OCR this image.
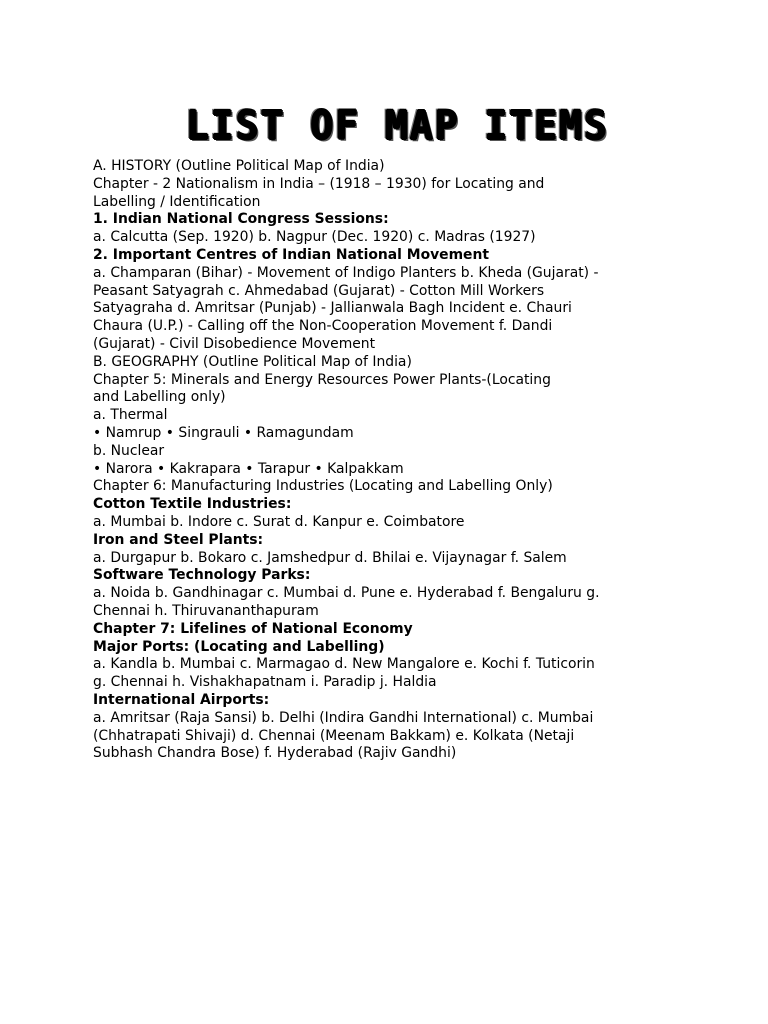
LIST OF MAP ITEMS
A. HISTORY (Outline Political Map of India)
Chapter - 2 Nationalism in India – (1918 – 1930) for Locating and
Labelling / Identification
1. Indian National Congress Sessions:
a. Calcutta (Sep. 1920) b. Nagpur (Dec. 1920) c. Madras (1927)
2. Important Centres of Indian National Movement
a. Champaran (Bihar) - Movement of Indigo Planters b. Kheda (Gujarat) -
Peasant Satyagrah c. Ahmedabad (Gujarat) - Cotton Mill Workers
Satyagraha d. Amritsar (Punjab) - Jallianwala Bagh Incident e. Chauri
Chaura (U.P.) - Calling off the Non-Cooperation Movement f. Dandi
(Gujarat) - Civil Disobedience Movement
B. GEOGRAPHY (Outline Political Map of India)
Chapter 5: Minerals and Energy Resources Power Plants-(Locating
and Labelling only)
a. Thermal
• Namrup • Singrauli • Ramagundam
b. Nuclear
• Narora • Kakrapara • Tarapur • Kalpakkam
Chapter 6: Manufacturing Industries (Locating and Labelling Only)
Cotton Textile Industries:
a. Mumbai b. Indore c. Surat d. Kanpur e. Coimbatore
Iron and Steel Plants:
a. Durgapur b. Bokaro c. Jamshedpur d. Bhilai e. Vijaynagar f. Salem
Software Technology Parks:
a. Noida b. Gandhinagar c. Mumbai d. Pune e. Hyderabad f. Bengaluru g.
Chennai h. Thiruvananthapuram
Chapter 7: Lifelines of National Economy
Major Ports: (Locating and Labelling)
a. Kandla b. Mumbai c. Marmagao d. New Mangalore e. Kochi f. Tuticorin
g. Chennai h. Vishakhapatnam i. Paradip j. Haldia
International Airports:
a. Amritsar (Raja Sansi) b. Delhi (Indira Gandhi International) c. Mumbai
(Chhatrapati Shivaji) d. Chennai (Meenam Bakkam) e. Kolkata (Netaji
Subhash Chandra Bose) f. Hyderabad (Rajiv Gandhi)
